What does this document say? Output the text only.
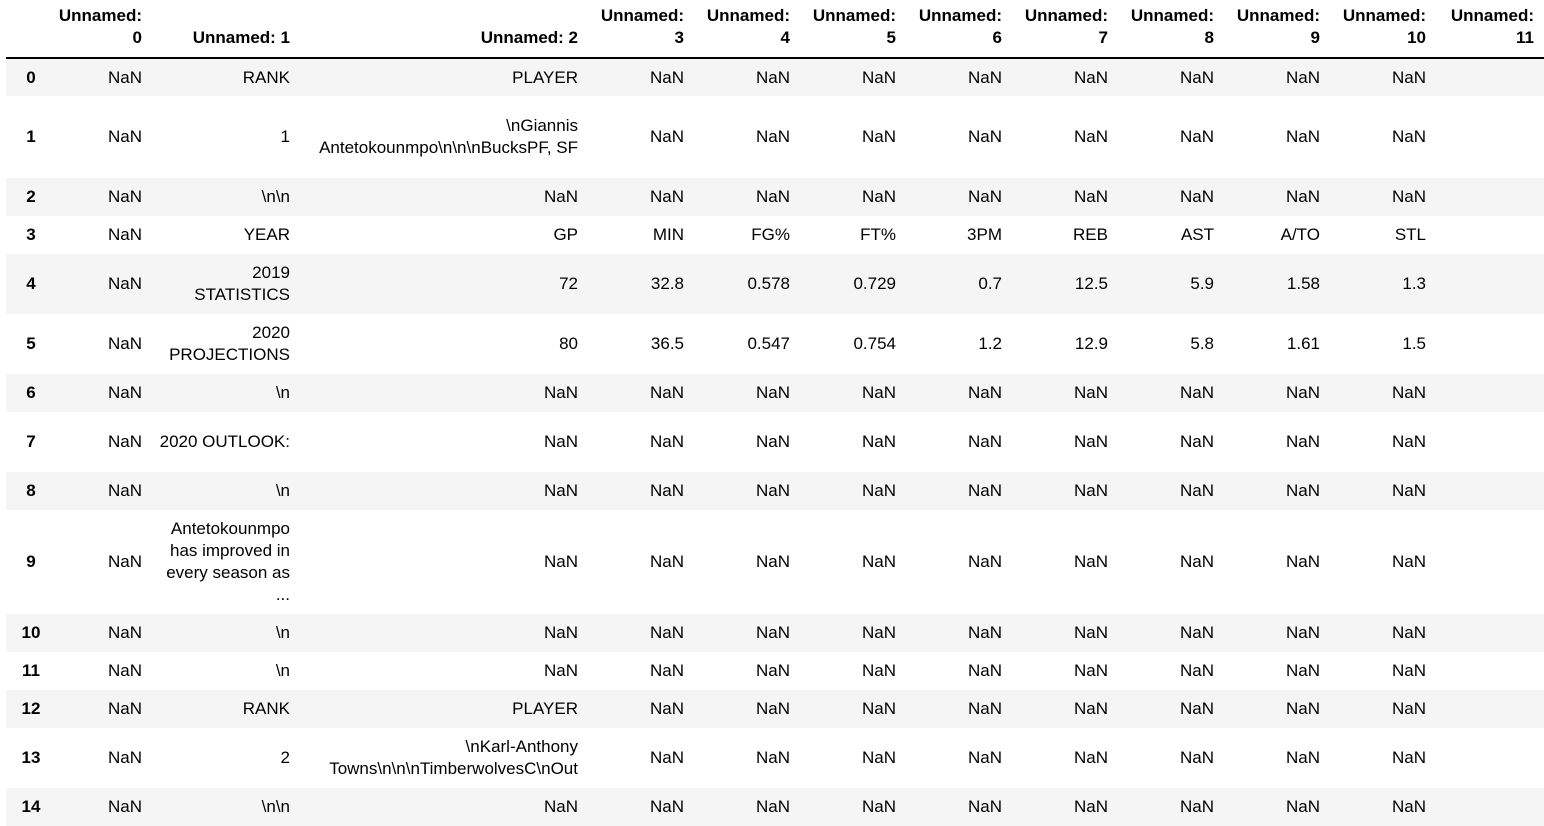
	Unnamed: 0	Unnamed: 1	Unnamed: 2	Unnamed: 3	Unnamed: 4	Unnamed: 5	Unnamed: 6	Unnamed: 7	Unnamed: 8	Unnamed: 9	Unnamed: 10	Unnamed: 11
0	NaN	RANK	PLAYER	NaN	NaN	NaN	NaN	NaN	NaN	NaN	NaN	
1	NaN	1	\nGiannis Antetokounmpo\n\n\nBucksPF, SF	NaN	NaN	NaN	NaN	NaN	NaN	NaN	NaN	
2	NaN	\n\n	NaN	NaN	NaN	NaN	NaN	NaN	NaN	NaN	NaN	
3	NaN	YEAR	GP	MIN	FG%	FT%	3PM	REB	AST	A/TO	STL	
4	NaN	2019 STATISTICS	72	32.8	0.578	0.729	0.7	12.5	5.9	1.58	1.3	
5	NaN	2020 PROJECTIONS	80	36.5	0.547	0.754	1.2	12.9	5.8	1.61	1.5	
6	NaN	\n	NaN	NaN	NaN	NaN	NaN	NaN	NaN	NaN	NaN	
7	NaN	2020 OUTLOOK:	NaN	NaN	NaN	NaN	NaN	NaN	NaN	NaN	NaN	
8	NaN	\n	NaN	NaN	NaN	NaN	NaN	NaN	NaN	NaN	NaN	
9	NaN	Antetokounmpo has improved in every season as ...	NaN	NaN	NaN	NaN	NaN	NaN	NaN	NaN	NaN	
10	NaN	\n	NaN	NaN	NaN	NaN	NaN	NaN	NaN	NaN	NaN	
11	NaN	\n	NaN	NaN	NaN	NaN	NaN	NaN	NaN	NaN	NaN	
12	NaN	RANK	PLAYER	NaN	NaN	NaN	NaN	NaN	NaN	NaN	NaN	
13	NaN	2	\nKarl-Anthony Towns\n\n\nTimberwolvesC\nOut	NaN	NaN	NaN	NaN	NaN	NaN	NaN	NaN	
14	NaN	\n\n	NaN	NaN	NaN	NaN	NaN	NaN	NaN	NaN	NaN	
